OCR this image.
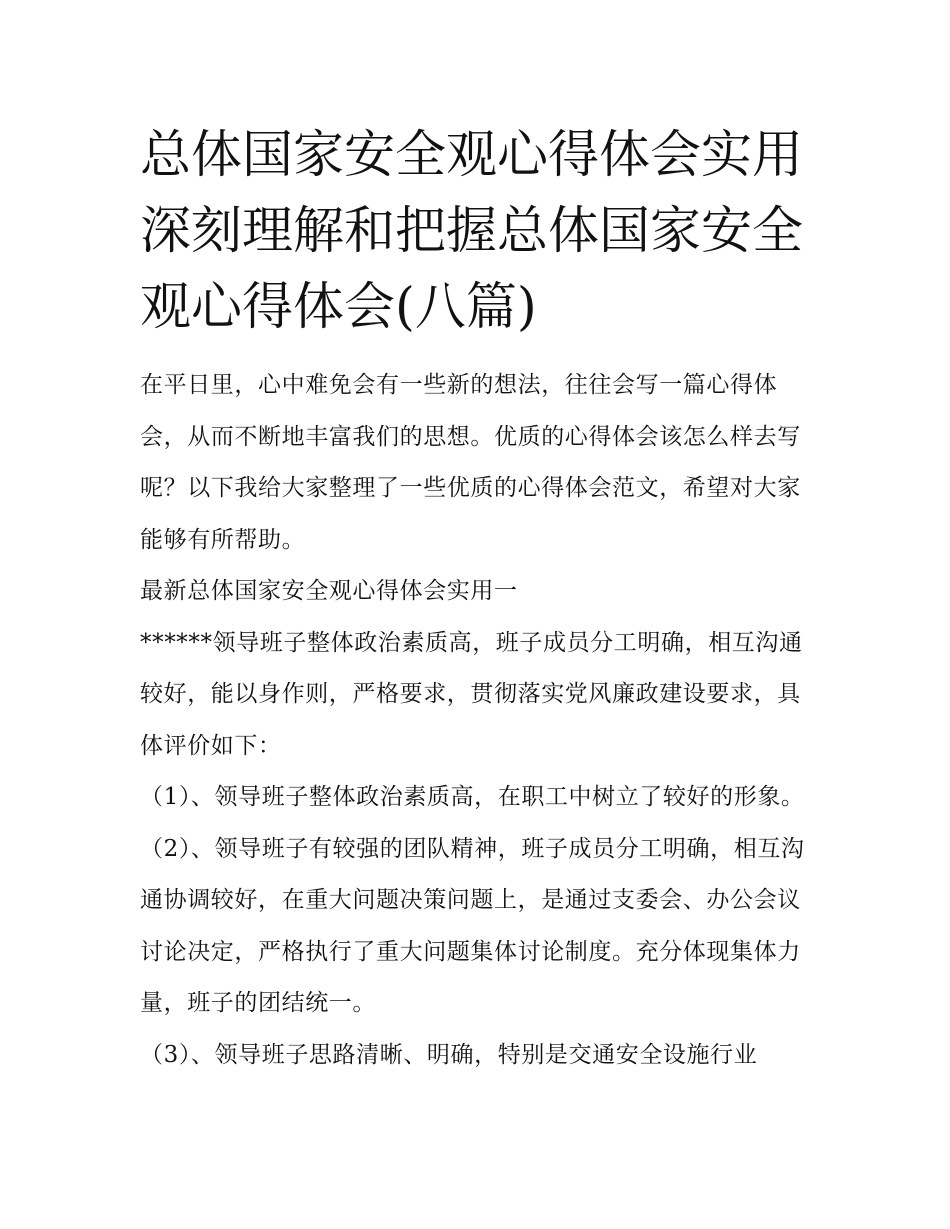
总体国家安全观心得体会实用深刻理解和把握总体国家安全观心得体会(八篇)

在平日里，心中难免会有一些新的想法，往往会写一篇心得体会，从而不断地丰富我们的思想。优质的心得体会该怎么样去写呢？以下我给大家整理了一些优质的心得体会范文，希望对大家能够有所帮助。

最新总体国家安全观心得体会实用一

******领导班子整体政治素质高，班子成员分工明确，相互沟通较好，能以身作则，严格要求，贯彻落实党风廉政建设要求，具体评价如下：

（1）、领导班子整体政治素质高，在职工中树立了较好的形象。

（2）、领导班子有较强的团队精神，班子成员分工明确，相互沟通协调较好，在重大问题决策问题上，是通过支委会、办公会议讨论决定，严格执行了重大问题集体讨论制度。充分体现集体力量，班子的团结统一。

（3）、领导班子思路清晰、明确，特别是交通安全设施行业
